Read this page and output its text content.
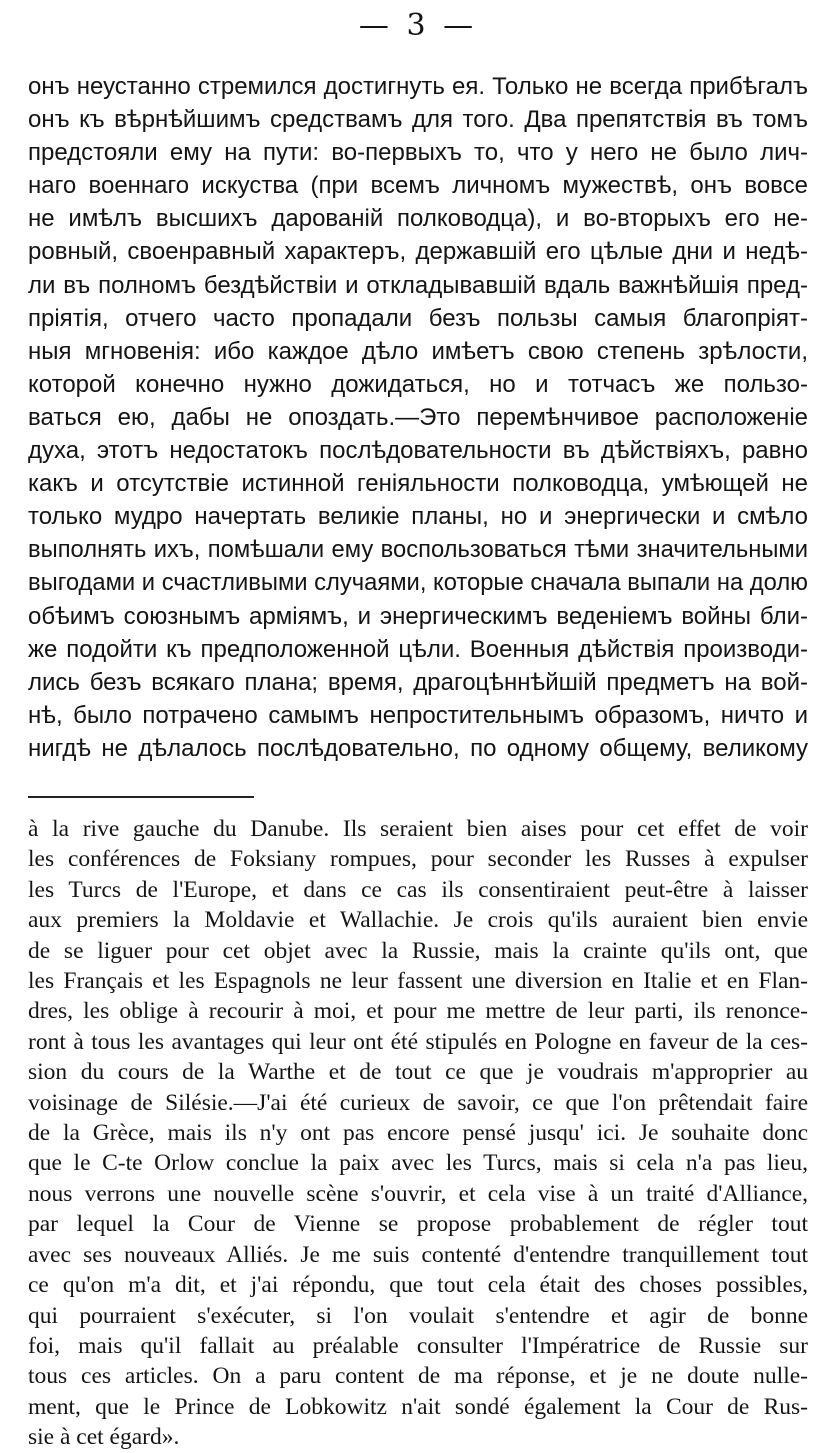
— 3 —
онъ неустанно стремился достигнуть ея. Только не всегда прибѣгалъ
онъ къ вѣрнѣйшимъ средствамъ для того. Два препятствія въ томъ
предстояли ему на пути: во-первыхъ то, что у него не было лич-
наго военнаго искуства (при всемъ личномъ мужествѣ, онъ вовсе
не имѣлъ высшихъ дарованій полководца), и во-вторыхъ его не-
ровный, своенравный характеръ, державшій его цѣлые дни и недѣ-
ли въ полномъ бездѣйствіи и откладывавшій вдаль важнѣйшія пред-
пріятія, отчего часто пропадали безъ пользы самыя благопріят-
ныя мгновенія: ибо каждое дѣло имѣетъ свою степень зрѣлости,
которой конечно нужно дожидаться, но и тотчасъ же пользо-
ваться ею, дабы не опоздать.—Это перемѣнчивое расположеніе
духа, этотъ недостатокъ послѣдовательности въ дѣйствіяхъ, равно
какъ и отсутствіе истинной геніяльности полководца, умѣющей не
только мудро начертать великіе планы, но и энергически и смѣло
выполнять ихъ, помѣшали ему воспользоваться тѣми значительными
выгодами и счастливыми случаями, которые сначала выпали на долю
обѣимъ союзнымъ арміямъ, и энергическимъ веденіемъ войны бли-
же подойти къ предположенной цѣли. Военныя дѣйствія производи-
лись безъ всякаго плана; время, драгоцѣннѣйшій предметъ на вой-
нѣ, было потрачено самымъ непростительнымъ образомъ, ничто и
нигдѣ не дѣлалось послѣдовательно, по одному общему, великому
à la rive gauche du Danube. Ils seraient bien aises pour cet effet de voir
les conférences de Foksiany rompues, pour seconder les Russes à expulser
les Turcs de l'Europe, et dans ce cas ils consentiraient peut-être à laisser
aux premiers la Moldavie et Wallachie. Je crois qu'ils auraient bien envie
de se liguer pour cet objet avec la Russie, mais la crainte qu'ils ont, que
les Français et les Espagnols ne leur fassent une diversion en Italie et en Flan-
dres, les oblige à recourir à moi, et pour me mettre de leur parti, ils renonce-
ront à tous les avantages qui leur ont été stipulés en Pologne en faveur de la ces-
sion du cours de la Warthe et de tout ce que je voudrais m'approprier au
voisinage de Silésie.—J'ai été curieux de savoir, ce que l'on prêtendait faire
de la Grèce, mais ils n'y ont pas encore pensé jusqu' ici. Je souhaite donc
que le C-te Orlow conclue la paix avec les Turcs, mais si cela n'a pas lieu,
nous verrons une nouvelle scène s'ouvrir, et cela vise à un traité d'Alliance,
par lequel la Cour de Vienne se propose probablement de régler tout
avec ses nouveaux Alliés. Je me suis contenté d'entendre tranquillement tout
ce qu'on m'a dit, et j'ai répondu, que tout cela était des choses possibles,
qui pourraient s'exécuter, si l'on voulait s'entendre et agir de bonne
foi, mais qu'il fallait au préalable consulter l'Impératrice de Russie sur
tous ces articles. On a paru content de ma réponse, et je ne doute nulle-
ment, que le Prince de Lobkowitz n'ait sondé également la Cour de Rus-
sie à cet égard».
